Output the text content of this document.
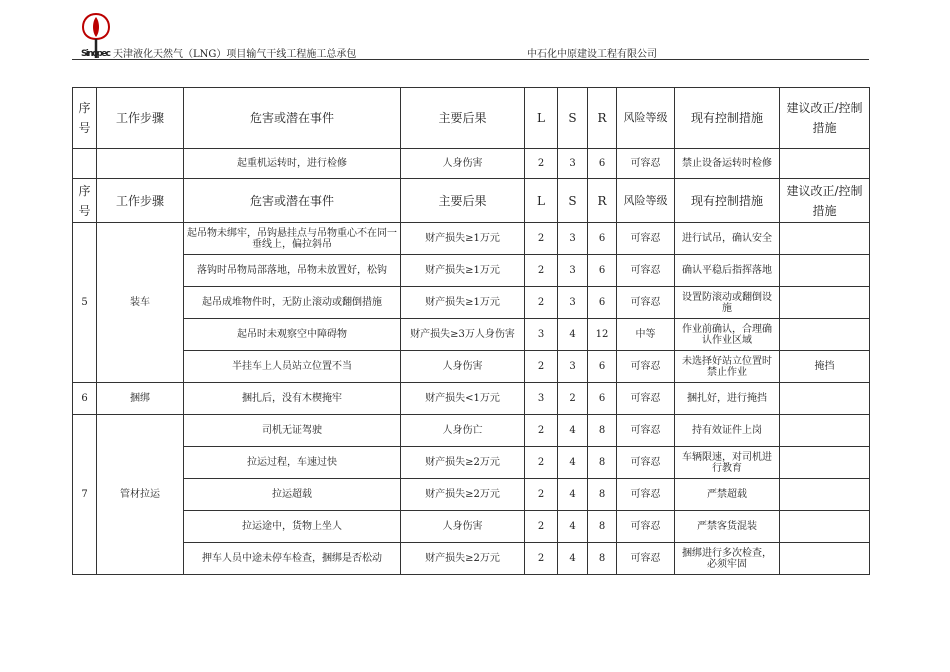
Sinopec 天津液化天然气（LNG）项目输气干线工程施工总承包	中石化中原建设工程有限公司
序号	工作步骤	危害或潜在事件	主要后果	L	S	R	风险等级	现有控制措施	建议改正/控制措施
		起重机运转时，进行检修	人身伤害	2	3	6	可容忍	禁止设备运转时检修	
序号	工作步骤	危害或潜在事件	主要后果	L	S	R	风险等级	现有控制措施	建议改正/控制措施
5	装车	起吊物未绑牢，吊钩悬挂点与吊物重心不在同一垂线上，偏拉斜吊	财产损失≥1万元	2	3	6	可容忍	进行试吊，确认安全	
		落钩时吊物局部落地，吊物未放置好，松钩	财产损失≥1万元	2	3	6	可容忍	确认平稳后指挥落地	
		起吊成堆物件时，无防止滚动或翻倒措施	财产损失≥1万元	2	3	6	可容忍	设置防滚动或翻倒设施	
		起吊时未观察空中障碍物	财产损失≥3万人身伤害	3	4	12	中等	作业前确认，合理确认作业区域	
		半挂车上人员站立位置不当	人身伤害	2	3	6	可容忍	未选择好站立位置时禁止作业	掩挡
6	捆绑	捆扎后，没有木楔掩牢	财产损失<1万元	3	2	6	可容忍	捆扎好，进行掩挡	
7	管材拉运	司机无证驾驶	人身伤亡	2	4	8	可容忍	持有效证件上岗	
		拉运过程，车速过快	财产损失≥2万元	2	4	8	可容忍	车辆限速，对司机进行教育	
		拉运超载	财产损失≥2万元	2	4	8	可容忍	严禁超载	
		拉运途中，货物上坐人	人身伤害	2	4	8	可容忍	严禁客货混装	
		押车人员中途未停车检查，捆绑是否松动	财产损失≥2万元	2	4	8	可容忍	捆绑进行多次检查，必须牢固	
